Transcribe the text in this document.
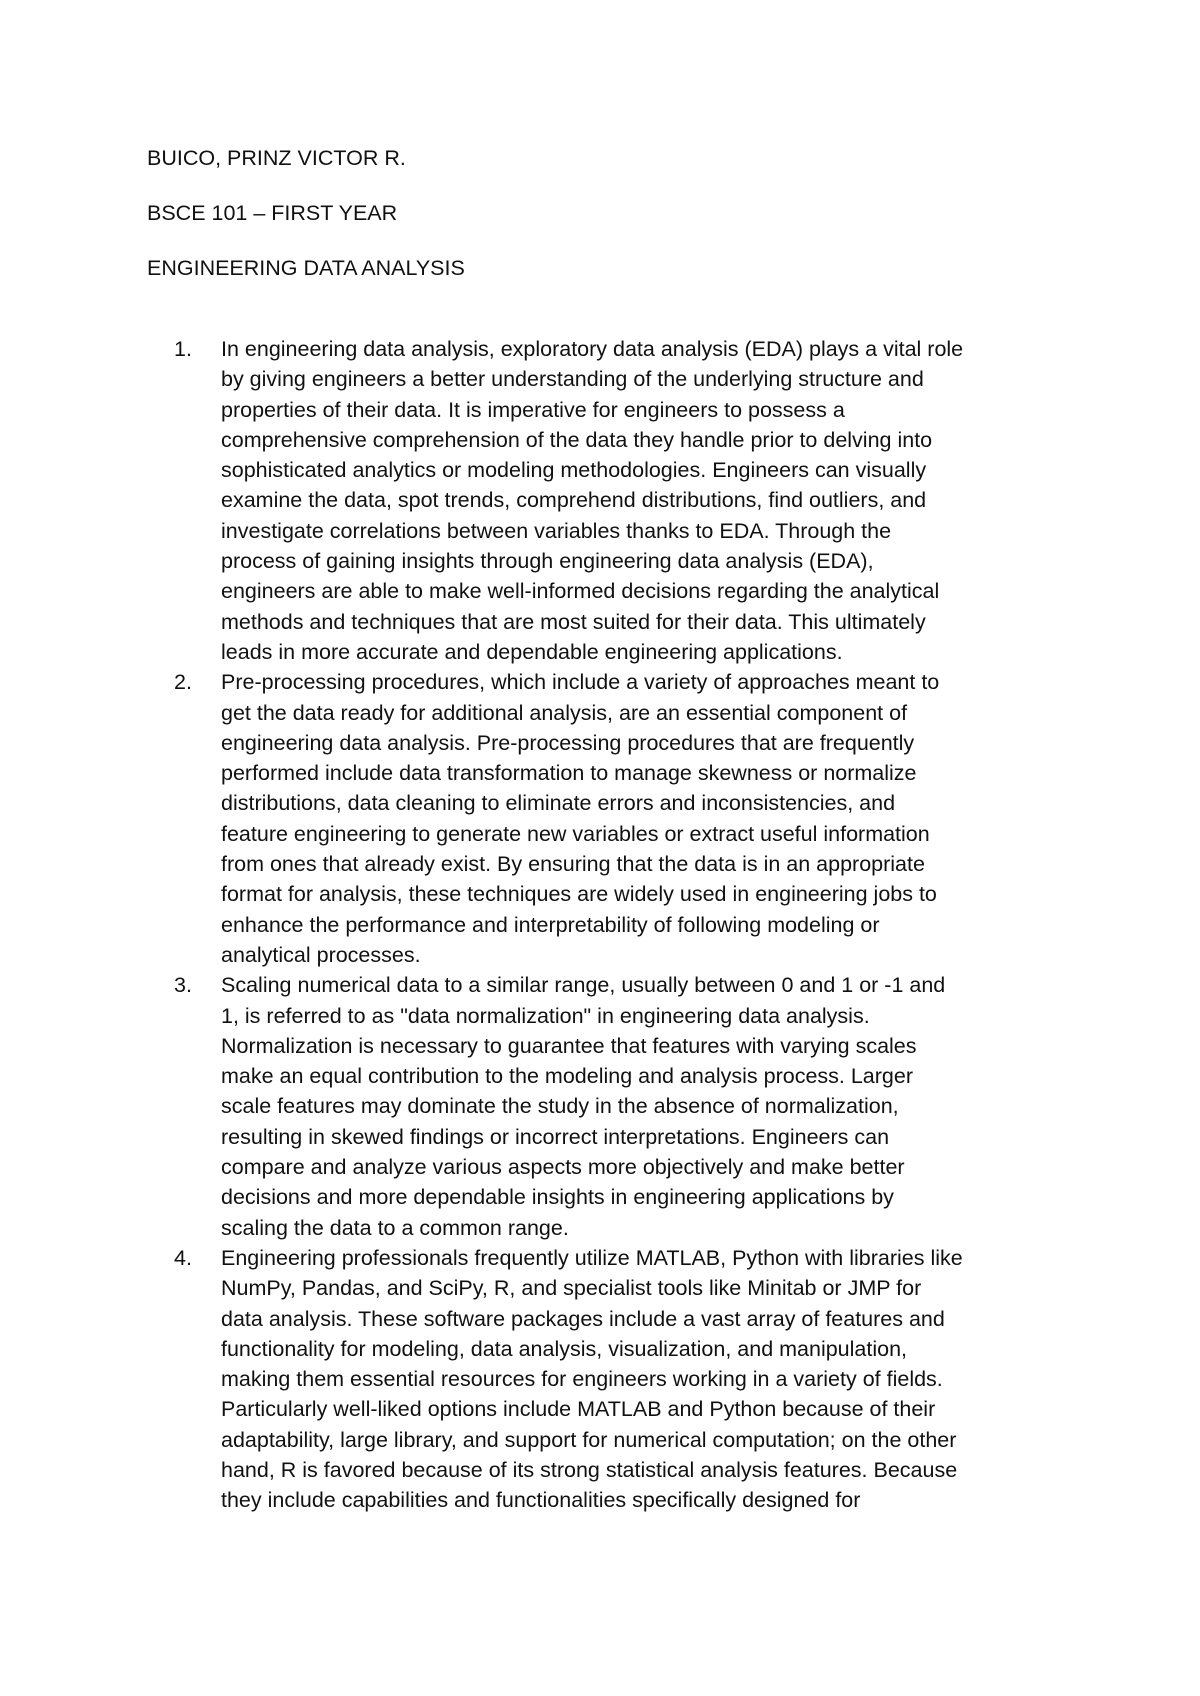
BUICO, PRINZ VICTOR R.
BSCE 101 – FIRST YEAR
ENGINEERING DATA ANALYSIS
1.	In engineering data analysis, exploratory data analysis (EDA) plays a vital role
by giving engineers a better understanding of the underlying structure and
properties of their data. It is imperative for engineers to possess a
comprehensive comprehension of the data they handle prior to delving into
sophisticated analytics or modeling methodologies. Engineers can visually
examine the data, spot trends, comprehend distributions, find outliers, and
investigate correlations between variables thanks to EDA. Through the
process of gaining insights through engineering data analysis (EDA),
engineers are able to make well-informed decisions regarding the analytical
methods and techniques that are most suited for their data. This ultimately
leads in more accurate and dependable engineering applications.
2.	Pre-processing procedures, which include a variety of approaches meant to
get the data ready for additional analysis, are an essential component of
engineering data analysis. Pre-processing procedures that are frequently
performed include data transformation to manage skewness or normalize
distributions, data cleaning to eliminate errors and inconsistencies, and
feature engineering to generate new variables or extract useful information
from ones that already exist. By ensuring that the data is in an appropriate
format for analysis, these techniques are widely used in engineering jobs to
enhance the performance and interpretability of following modeling or
analytical processes.
3.	Scaling numerical data to a similar range, usually between 0 and 1 or -1 and
1, is referred to as "data normalization" in engineering data analysis.
Normalization is necessary to guarantee that features with varying scales
make an equal contribution to the modeling and analysis process. Larger
scale features may dominate the study in the absence of normalization,
resulting in skewed findings or incorrect interpretations. Engineers can
compare and analyze various aspects more objectively and make better
decisions and more dependable insights in engineering applications by
scaling the data to a common range.
4.	Engineering professionals frequently utilize MATLAB, Python with libraries like
NumPy, Pandas, and SciPy, R, and specialist tools like Minitab or JMP for
data analysis. These software packages include a vast array of features and
functionality for modeling, data analysis, visualization, and manipulation,
making them essential resources for engineers working in a variety of fields.
Particularly well-liked options include MATLAB and Python because of their
adaptability, large library, and support for numerical computation; on the other
hand, R is favored because of its strong statistical analysis features. Because
they include capabilities and functionalities specifically designed for
